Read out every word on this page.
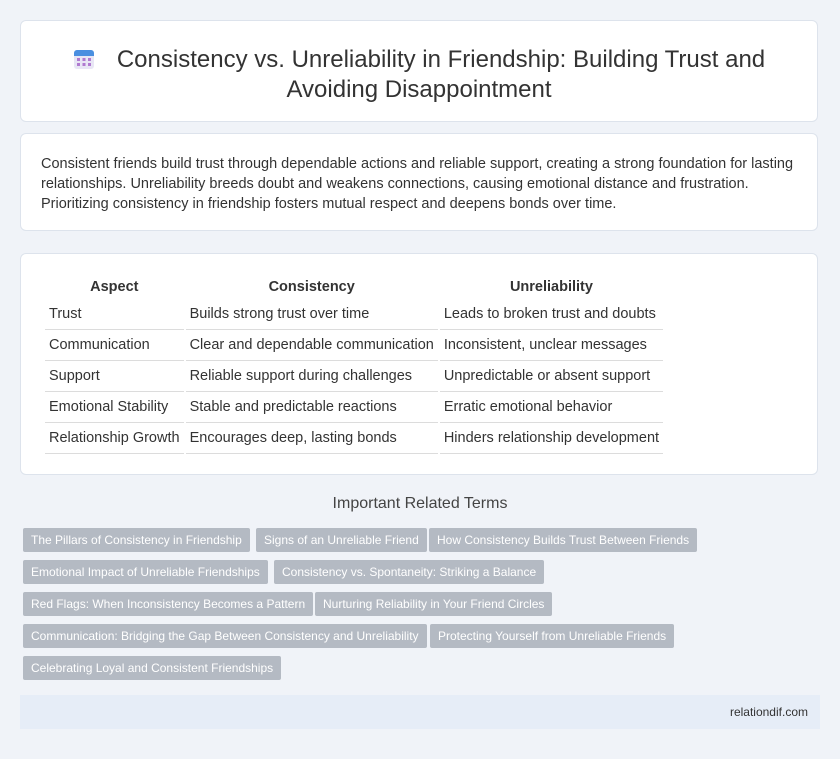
Consistency vs. Unreliability in Friendship: Building Trust and Avoiding Disappointment

Consistent friends build trust through dependable actions and reliable support, creating a strong foundation for lasting relationships. Unreliability breeds doubt and weakens connections, causing emotional distance and frustration. Prioritizing consistency in friendship fosters mutual respect and deepens bonds over time.

Aspect	Consistency	Unreliability
Trust	Builds strong trust over time	Leads to broken trust and doubts
Communication	Clear and dependable communication	Inconsistent, unclear messages
Support	Reliable support during challenges	Unpredictable or absent support
Emotional Stability	Stable and predictable reactions	Erratic emotional behavior
Relationship Growth	Encourages deep, lasting bonds	Hinders relationship development
Important Related Terms
The Pillars of Consistency in Friendship	Signs of an Unreliable Friend	How Consistency Builds Trust Between Friends
Emotional Impact of Unreliable Friendships	Consistency vs. Spontaneity: Striking a Balance
Red Flags: When Inconsistency Becomes a Pattern	Nurturing Reliability in Your Friend Circles
Communication: Bridging the Gap Between Consistency and Unreliability	Protecting Yourself from Unreliable Friends
Celebrating Loyal and Consistent Friendships
relationdif.com
